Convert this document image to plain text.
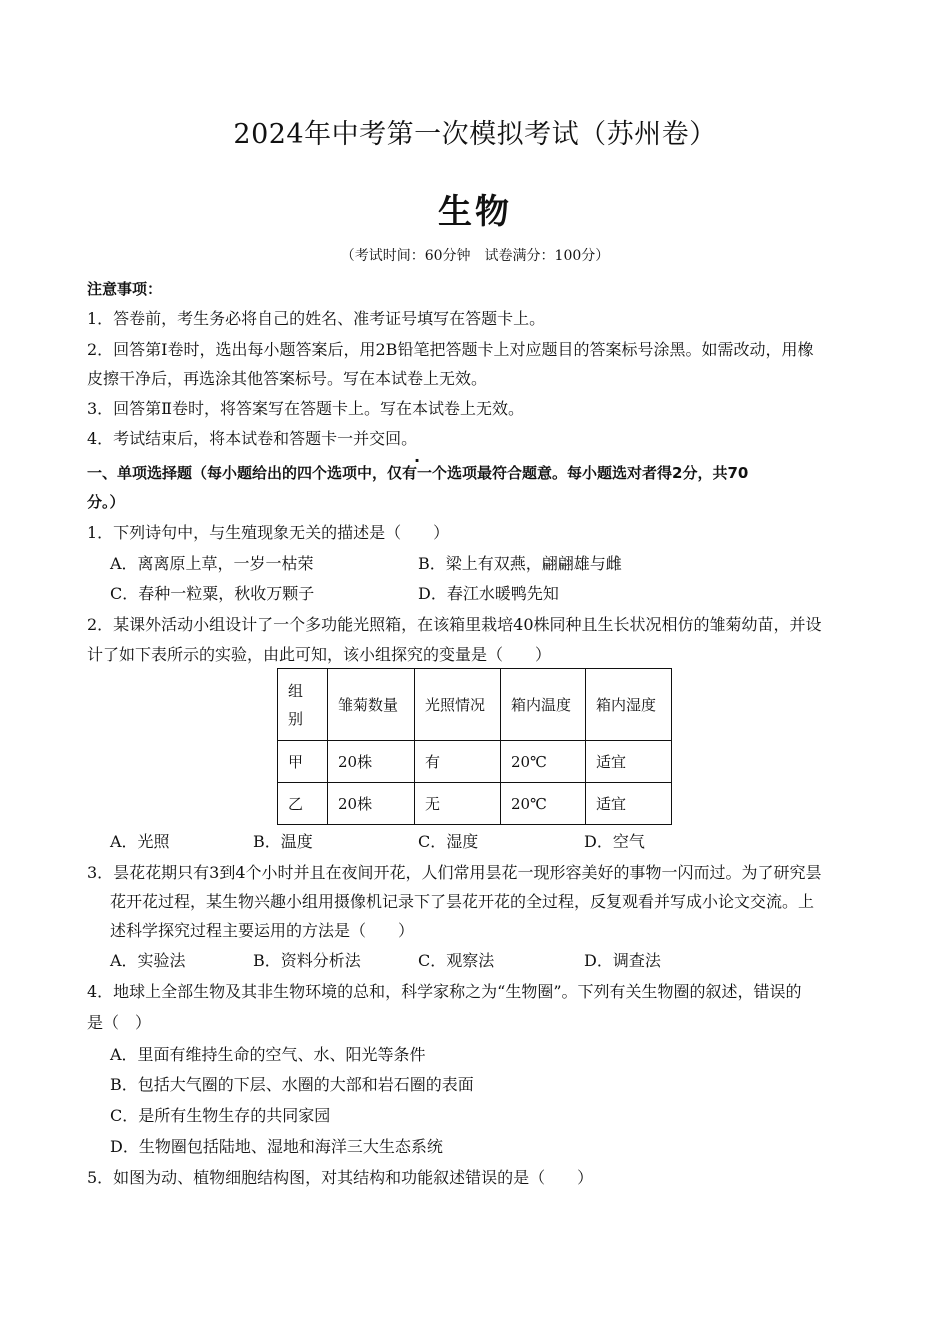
2024年中考第一次模拟考试（苏州卷）
生物
（考试时间：60分钟　试卷满分：100分）
注意事项：
1．答卷前，考生务必将自己的姓名、准考证号填写在答题卡上。
2．回答第Ⅰ卷时，选出每小题答案后，用2B铅笔把答题卡上对应题目的答案标号涂黑。如需改动，用橡
皮擦干净后，再选涂其他答案标号。写在本试卷上无效。
3．回答第Ⅱ卷时，将答案写在答题卡上。写在本试卷上无效。
4．考试结束后，将本试卷和答题卡一并交回。
一、单项选择题（每小题给出的四个选项中，仅有一个选项最符合题意。每小题选对者得2分，共70
分。）
1．下列诗句中，与生殖现象无关的描述是（　　）
A．离离原上草，一岁一枯荣	B．梁上有双燕，翩翩雄与雌
C．春种一粒粟，秋收万颗子	D．春江水暖鸭先知
2．某课外活动小组设计了一个多功能光照箱，在该箱里栽培40株同种且生长状况相仿的雏菊幼苗，并设
计了如下表所示的实验，由此可知，该小组探究的变量是（　　）
组别	雏菊数量	光照情况	箱内温度	箱内湿度
甲	20株	有	20℃	适宜
乙	20株	无	20℃	适宜
A．光照	B．温度	C．湿度	D．空气
3．昙花花期只有3到4个小时并且在夜间开花，人们常用昙花一现形容美好的事物一闪而过。为了研究昙
花开花过程，某生物兴趣小组用摄像机记录下了昙花开花的全过程，反复观看并写成小论文交流。上
述科学探究过程主要运用的方法是（　　）
A．实验法	B．资料分析法	C．观察法	D．调查法
4．地球上全部生物及其非生物环境的总和，科学家称之为“生物圈”。下列有关生物圈的叙述，错误的
是（　）
A．里面有维持生命的空气、水、阳光等条件
B．包括大气圈的下层、水圈的大部和岩石圈的表面
C．是所有生物生存的共同家园
D．生物圈包括陆地、湿地和海洋三大生态系统
5．如图为动、植物细胞结构图，对其结构和功能叙述错误的是（　　）
